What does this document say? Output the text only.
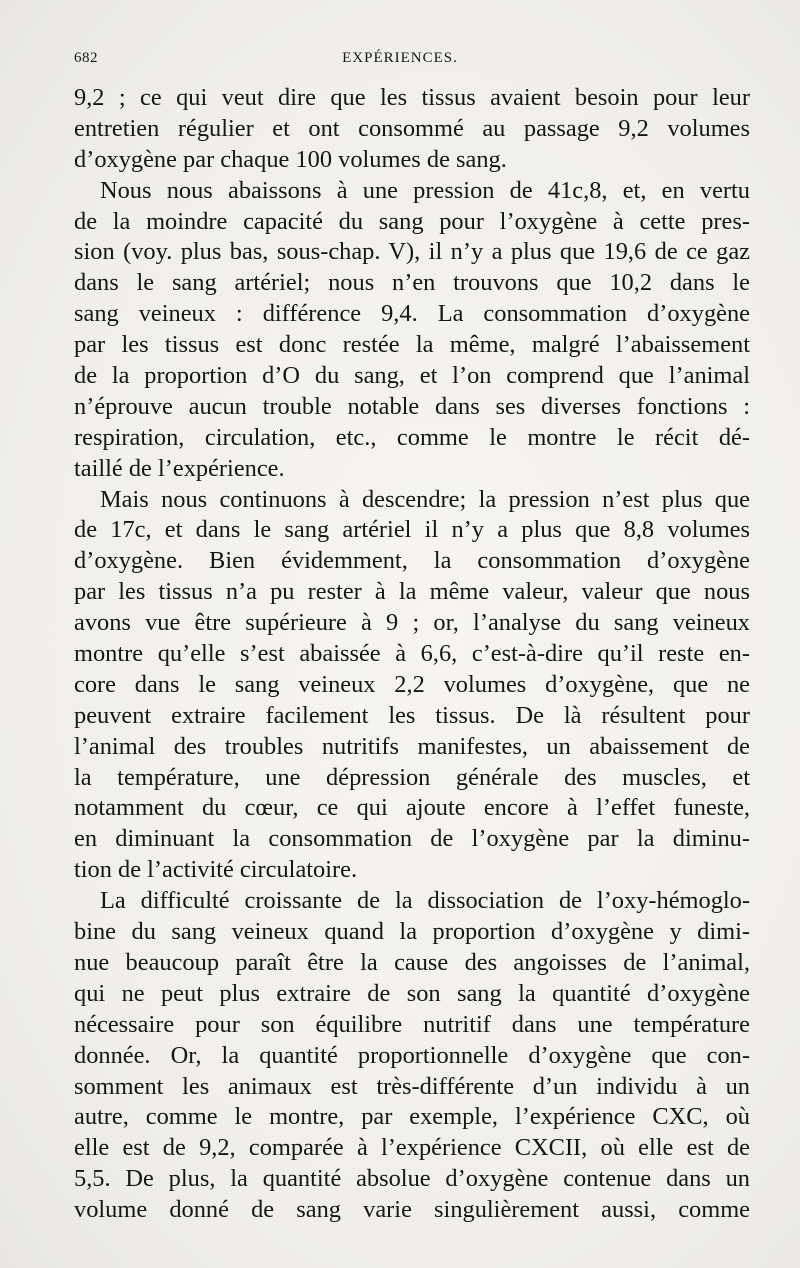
682	EXPÉRIENCES.
9,2 ; ce qui veut dire que les tissus avaient besoin pour leur
entretien régulier et ont consommé au passage 9,2 volumes
d’oxygène par chaque 100 volumes de sang.
Nous nous abaissons à une pression de 41c,8, et, en vertu
de la moindre capacité du sang pour l’oxygène à cette pres-
sion (voy. plus bas, sous-chap. V), il n’y a plus que 19,6 de ce gaz
dans le sang artériel; nous n’en trouvons que 10,2 dans le
sang veineux : différence 9,4. La consommation d’oxygène
par les tissus est donc restée la même, malgré l’abaissement
de la proportion d’O du sang, et l’on comprend que l’animal
n’éprouve aucun trouble notable dans ses diverses fonctions :
respiration, circulation, etc., comme le montre le récit dé-
taillé de l’expérience.
Mais nous continuons à descendre; la pression n’est plus que
de 17c, et dans le sang artériel il n’y a plus que 8,8 volumes
d’oxygène. Bien évidemment, la consommation d’oxygène
par les tissus n’a pu rester à la même valeur, valeur que nous
avons vue être supérieure à 9 ; or, l’analyse du sang veineux
montre qu’elle s’est abaissée à 6,6, c’est-à-dire qu’il reste en-
core dans le sang veineux 2,2 volumes d’oxygène, que ne
peuvent extraire facilement les tissus. De là résultent pour
l’animal des troubles nutritifs manifestes, un abaissement de
la température, une dépression générale des muscles, et
notamment du cœur, ce qui ajoute encore à l’effet funeste,
en diminuant la consommation de l’oxygène par la diminu-
tion de l’activité circulatoire.
La difficulté croissante de la dissociation de l’oxy-hémoglo-
bine du sang veineux quand la proportion d’oxygène y dimi-
nue beaucoup paraît être la cause des angoisses de l’animal,
qui ne peut plus extraire de son sang la quantité d’oxygène
nécessaire pour son équilibre nutritif dans une température
donnée. Or, la quantité proportionnelle d’oxygène que con-
somment les animaux est très-différente d’un individu à un
autre, comme le montre, par exemple, l’expérience CXC, où
elle est de 9,2, comparée à l’expérience CXCII, où elle est de
5,5. De plus, la quantité absolue d’oxygène contenue dans un
volume donné de sang varie singulièrement aussi, comme
